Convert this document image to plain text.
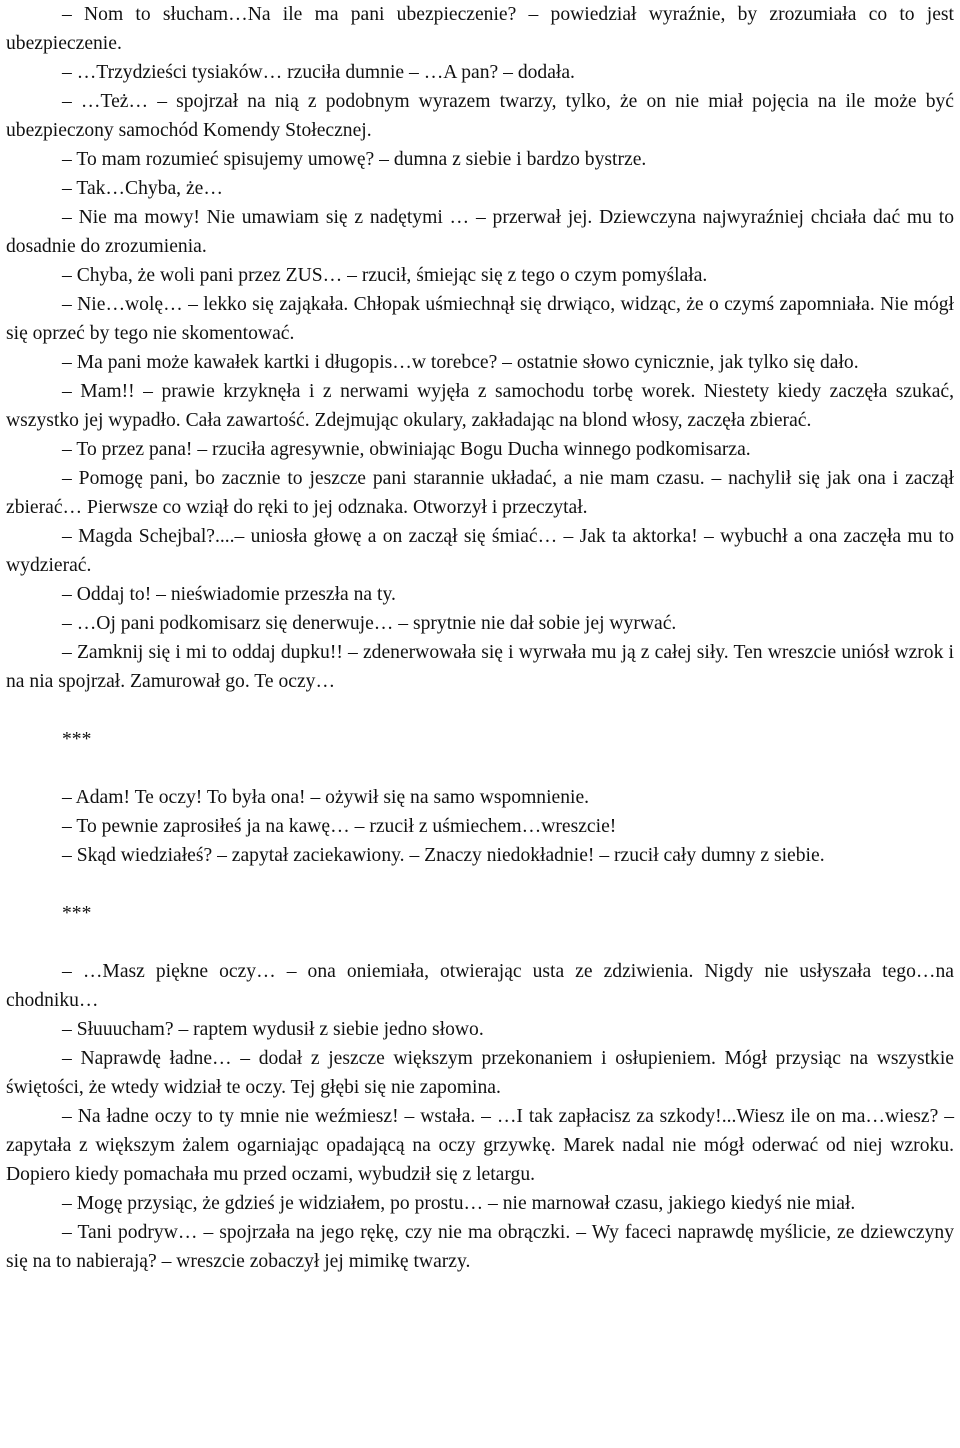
– Nom to słucham…Na ile ma pani ubezpieczenie? – powiedział wyraźnie, by zrozumiała co to jest ubezpieczenie.

– …Trzydzieści tysiaków… rzuciła dumnie – …A pan? – dodała.

– …Też… – spojrzał na nią z podobnym wyrazem twarzy, tylko, że on nie miał pojęcia na ile może być ubezpieczony samochód Komendy Stołecznej.

– To mam rozumieć spisujemy umowę? – dumna z siebie i bardzo bystrze.

– Tak…Chyba, że…

– Nie ma mowy! Nie umawiam się z nadętymi … – przerwał jej. Dziewczyna najwyraźniej chciała dać mu to dosadnie do zrozumienia.

– Chyba, że woli pani przez ZUS… – rzucił, śmiejąc się z tego o czym pomyślała.

– Nie…wolę… – lekko się zająkała. Chłopak uśmiechnął się drwiąco, widząc, że o czymś zapomniała. Nie mógł się oprzeć by tego nie skomentować.

– Ma pani może kawałek kartki i długopis…w torebce? – ostatnie słowo cynicznie, jak tylko się dało.

– Mam!! – prawie krzyknęła i z nerwami wyjęła z samochodu torbę worek. Niestety kiedy zaczęła szukać, wszystko jej wypadło. Cała zawartość. Zdejmując okulary, zakładając na blond włosy, zaczęła zbierać.

– To przez pana! – rzuciła agresywnie, obwiniając Bogu Ducha winnego podkomisarza.

– Pomogę pani, bo zacznie to jeszcze pani starannie układać, a nie mam czasu. – nachylił się jak ona i zaczął zbierać… Pierwsze co wziął do ręki to jej odznaka. Otworzył i przeczytał.

– Magda Schejbal?....– uniosła głowę a on zaczął się śmiać… – Jak ta aktorka! – wybuchł a ona zaczęła mu to wydzierać.

– Oddaj to! – nieświadomie przeszła na ty.

– …Oj pani podkomisarz się denerwuje… – sprytnie nie dał sobie jej wyrwać.

– Zamknij się i mi to oddaj dupku!! – zdenerwowała się i wyrwała mu ją z całej siły. Ten wreszcie uniósł wzrok i na nia spojrzał. Zamurował go. Te oczy…

***

– Adam! Te oczy! To była ona! – ożywił się na samo wspomnienie.

– To pewnie zaprosiłeś ja na kawę… – rzucił z uśmiechem…wreszcie!

– Skąd wiedziałeś? – zapytał zaciekawiony. – Znaczy niedokładnie! – rzucił cały dumny z siebie.

***

– …Masz piękne oczy… – ona oniemiała, otwierając usta ze zdziwienia. Nigdy nie usłyszała tego…na chodniku…

– Słuuucham? – raptem wydusił z siebie jedno słowo.

– Naprawdę ładne… – dodał z jeszcze większym przekonaniem i osłupieniem. Mógł przysiąc na wszystkie świętości, że wtedy widział te oczy. Tej głębi się nie zapomina.

– Na ładne oczy to ty mnie nie weźmiesz! – wstała. – …I tak zapłacisz za szkody!...Wiesz ile on ma…wiesz? – zapytała z większym żalem ogarniając opadającą na oczy grzywkę. Marek nadal nie mógł oderwać od niej wzroku. Dopiero kiedy pomachała mu przed oczami, wybudził się z letargu.

– Mogę przysiąc, że gdzieś je widziałem, po prostu… – nie marnował czasu, jakiego kiedyś nie miał.

– Tani podryw… – spojrzała na jego rękę, czy nie ma obrączki. – Wy faceci naprawdę myślicie, ze dziewczyny się na to nabierają? – wreszcie zobaczył jej mimikę twarzy.
